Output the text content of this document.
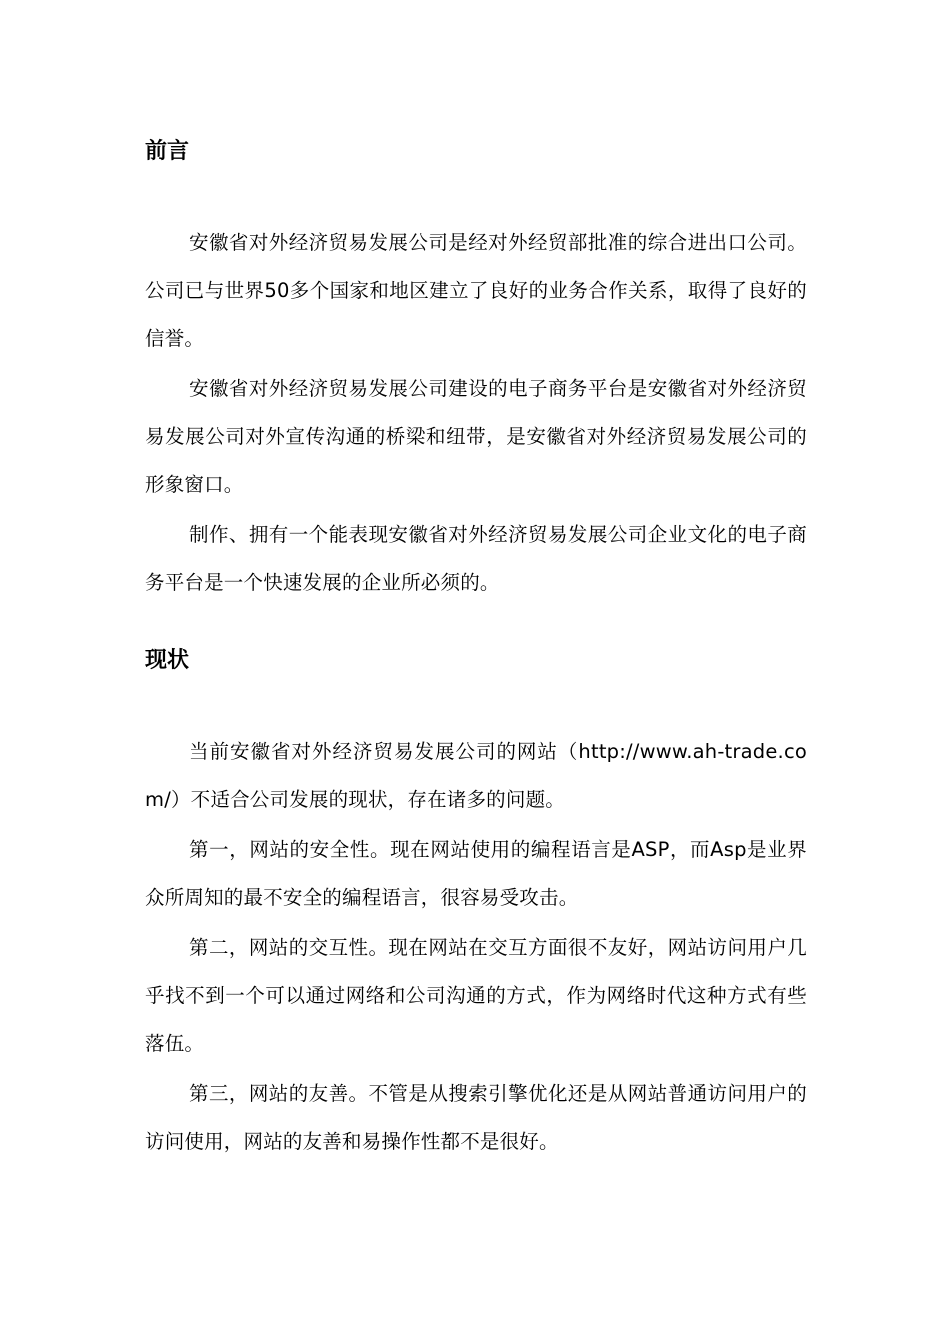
前言

安徽省对外经济贸易发展公司是经对外经贸部批准的综合进出口公司。公司已与世界50多个国家和地区建立了良好的业务合作关系，取得了良好的信誉。

安徽省对外经济贸易发展公司建设的电子商务平台是安徽省对外经济贸易发展公司对外宣传沟通的桥梁和纽带，是安徽省对外经济贸易发展公司的形象窗口。

制作、拥有一个能表现安徽省对外经济贸易发展公司企业文化的电子商务平台是一个快速发展的企业所必须的。

现状

当前安徽省对外经济贸易发展公司的网站（http://www.ah-trade.com/）不适合公司发展的现状，存在诸多的问题。

第一，网站的安全性。现在网站使用的编程语言是ASP，而Asp是业界众所周知的最不安全的编程语言，很容易受攻击。

第二，网站的交互性。现在网站在交互方面很不友好，网站访问用户几乎找不到一个可以通过网络和公司沟通的方式，作为网络时代这种方式有些落伍。

第三，网站的友善。不管是从搜索引擎优化还是从网站普通访问用户的访问使用，网站的友善和易操作性都不是很好。
